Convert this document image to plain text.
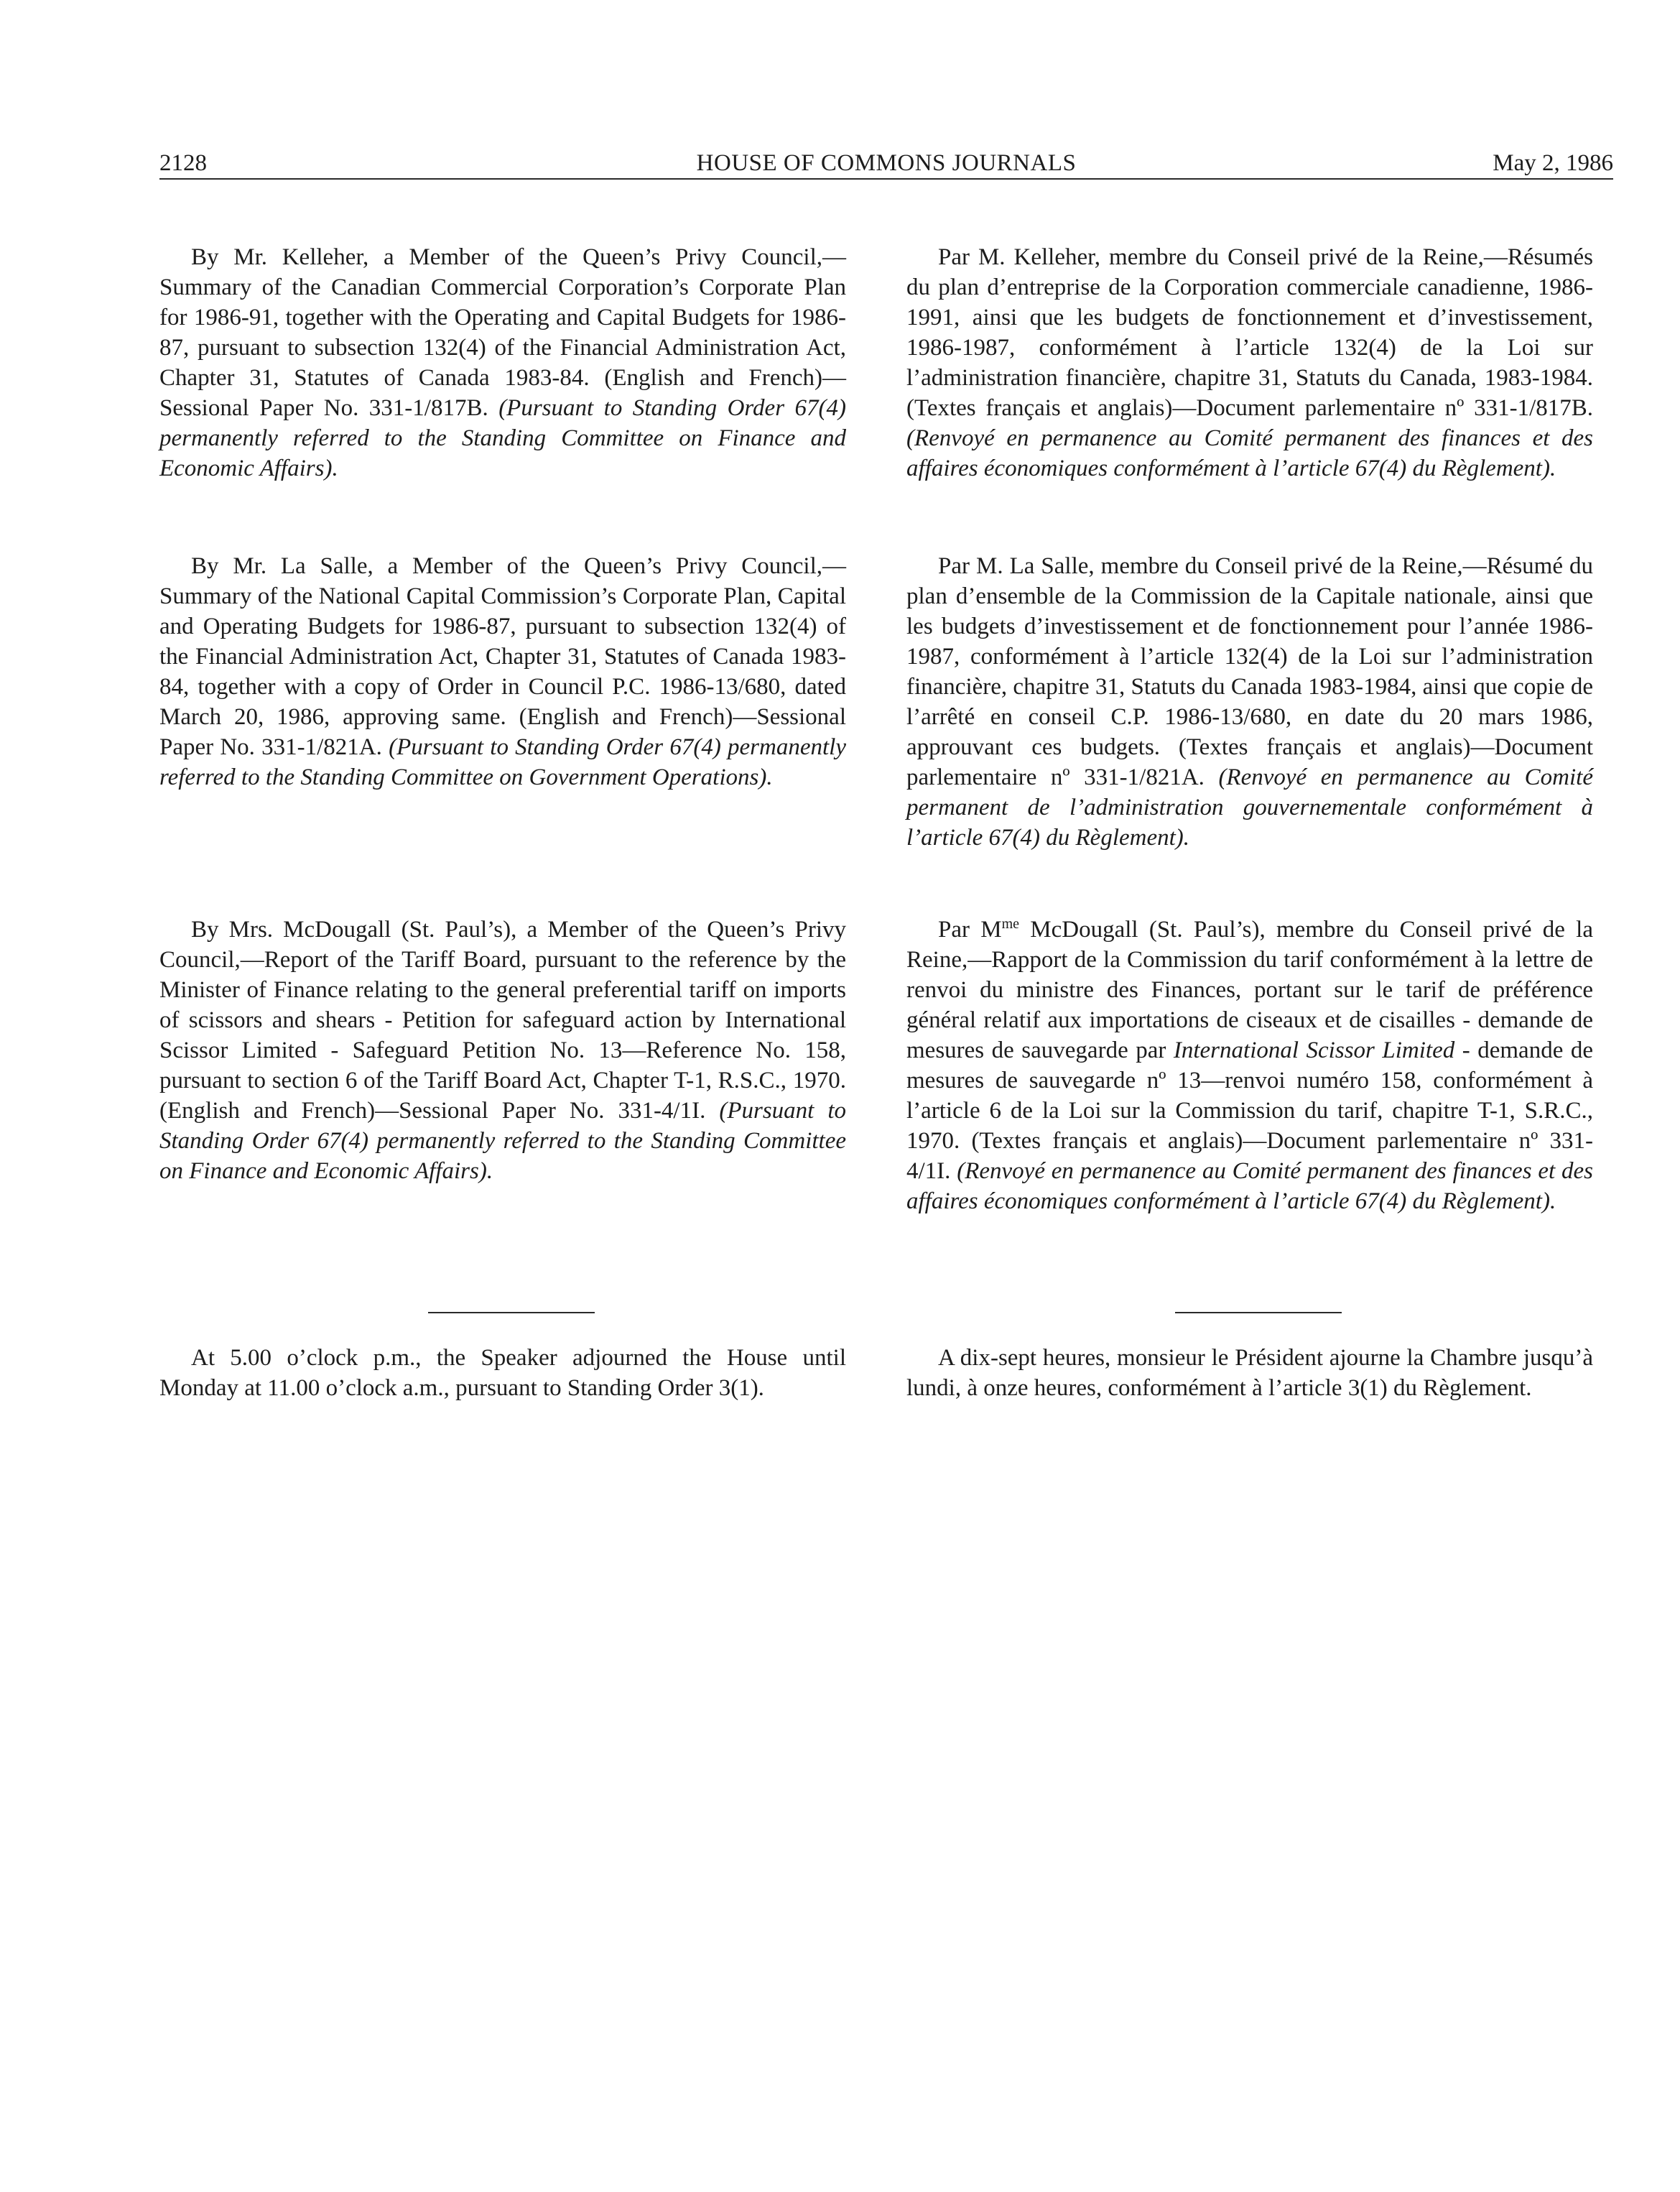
2128	HOUSE OF COMMONS JOURNALS	May 2, 1986

By Mr. Kelleher, a Member of the Queen’s Privy Council,—Summary of the Canadian Commercial Corporation’s Corporate Plan for 1986-91, together with the Operating and Capital Budgets for 1986-87, pursuant to subsection 132(4) of the Financial Administration Act, Chapter 31, Statutes of Canada 1983-84. (English and French)—Sessional Paper No. 331-1/817B. (Pursuant to Standing Order 67(4) permanently referred to the Standing Committee on Finance and Economic Affairs).

By Mr. La Salle, a Member of the Queen’s Privy Council,—Summary of the National Capital Commission’s Corporate Plan, Capital and Operating Budgets for 1986-87, pursuant to subsection 132(4) of the Financial Administration Act, Chapter 31, Statutes of Canada 1983-84, together with a copy of Order in Council P.C. 1986-13/680, dated March 20, 1986, approving same. (English and French)—Sessional Paper No. 331-1/821A. (Pursuant to Standing Order 67(4) permanently referred to the Standing Committee on Government Operations).

By Mrs. McDougall (St. Paul’s), a Member of the Queen’s Privy Council,—Report of the Tariff Board, pursuant to the reference by the Minister of Finance relating to the general preferential tariff on imports of scissors and shears - Petition for safeguard action by International Scissor Limited - Safeguard Petition No. 13—Reference No. 158, pursuant to section 6 of the Tariff Board Act, Chapter T-1, R.S.C., 1970. (English and French)—Sessional Paper No. 331-4/1I. (Pursuant to Standing Order 67(4) permanently referred to the Standing Committee on Finance and Economic Affairs).

At 5.00 o’clock p.m., the Speaker adjourned the House until Monday at 11.00 o’clock a.m., pursuant to Standing Order 3(1).

Par M. Kelleher, membre du Conseil privé de la Reine,—Résumés du plan d’entreprise de la Corporation commerciale canadienne, 1986-1991, ainsi que les budgets de fonctionnement et d’investissement, 1986-1987, conformément à l’article 132(4) de la Loi sur l’administration financière, chapitre 31, Statuts du Canada, 1983-1984. (Textes français et anglais)—Document parlementaire nº 331-1/817B. (Renvoyé en permanence au Comité permanent des finances et des affaires économiques conformément à l’article 67(4) du Règlement).

Par M. La Salle, membre du Conseil privé de la Reine,—Résumé du plan d’ensemble de la Commission de la Capitale nationale, ainsi que les budgets d’investissement et de fonctionnement pour l’année 1986-1987, conformément à l’article 132(4) de la Loi sur l’administration financière, chapitre 31, Statuts du Canada 1983-1984, ainsi que copie de l’arrêté en conseil C.P. 1986-13/680, en date du 20 mars 1986, approuvant ces budgets. (Textes français et anglais)—Document parlementaire nº 331-1/821A. (Renvoyé en permanence au Comité permanent de l’administration gouvernementale conformément à l’article 67(4) du Règlement).

Par $M^{me}$ McDougall (St. Paul’s), membre du Conseil privé de la Reine,—Rapport de la Commission du tarif conformément à la lettre de renvoi du ministre des Finances, portant sur le tarif de préférence général relatif aux importations de ciseaux et de cisailles - demande de mesures de sauvegarde par International Scissor Limited - demande de mesures de sauvegarde nº 13—renvoi numéro 158, conformément à l’article 6 de la Loi sur la Commission du tarif, chapitre T-1, S.R.C., 1970. (Textes français et anglais)—Document parlementaire nº 331-4/1I. (Renvoyé en permanence au Comité permanent des finances et des affaires économiques conformément à l’article 67(4) du Règlement).

A dix-sept heures, monsieur le Président ajourne la Chambre jusqu’à lundi, à onze heures, conformément à l’article 3(1) du Règlement.
